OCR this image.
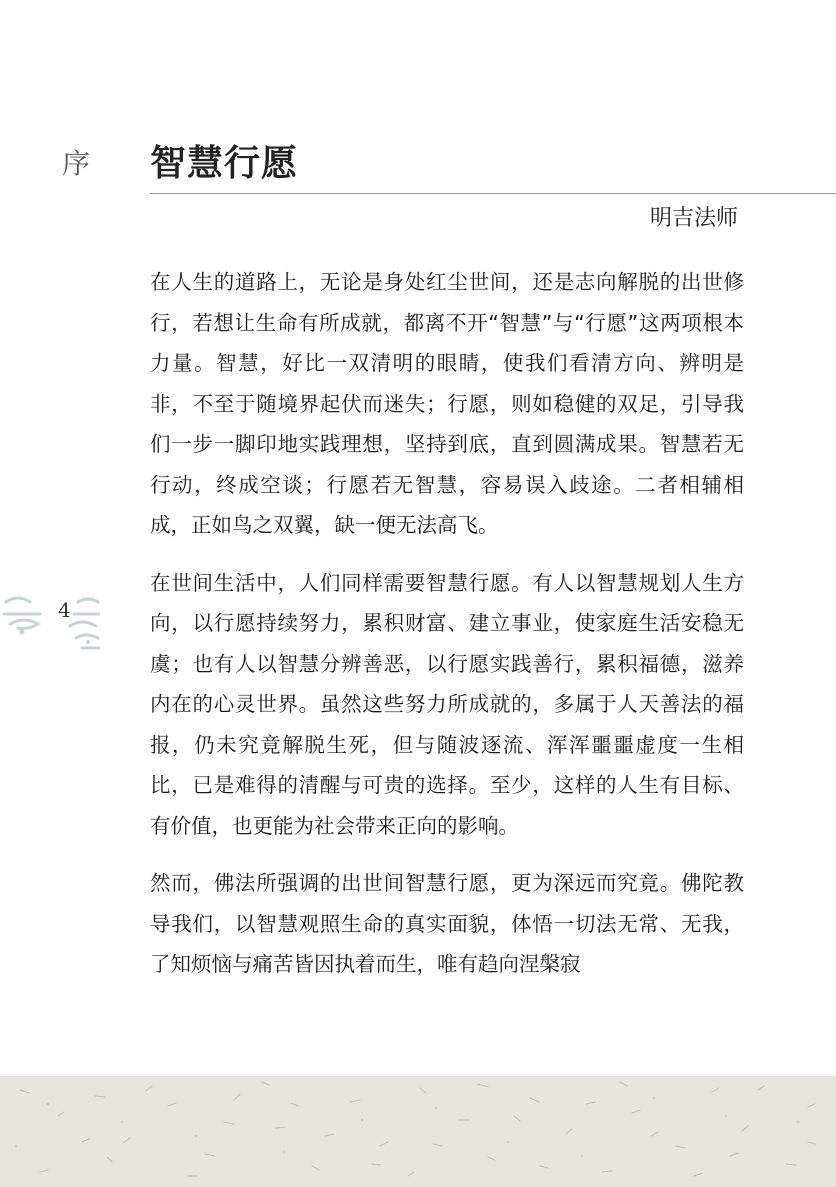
序 智慧行愿
明吉法师
4

在人生的道路上，无论是身处红尘世间，还是志向解脱的出世修行，若想让生命有所成就，都离不开“智慧”与“行愿”这两项根本力量。智慧，好比一双清明的眼睛，使我们看清方向、辨明是非，不至于随境界起伏而迷失；行愿，则如稳健的双足，引导我们一步一脚印地实践理想，坚持到底，直到圆满成果。智慧若无行动，终成空谈；行愿若无智慧，容易误入歧途。二者相辅相成，正如鸟之双翼，缺一便无法高飞。

在世间生活中，人们同样需要智慧行愿。有人以智慧规划人生方向，以行愿持续努力，累积财富、建立事业，使家庭生活安稳无虞；也有人以智慧分辨善恶，以行愿实践善行，累积福德，滋养内在的心灵世界。虽然这些努力所成就的，多属于人天善法的福报，仍未究竟解脱生死，但与随波逐流、浑浑噩噩虚度一生相比，已是难得的清醒与可贵的选择。至少，这样的人生有目标、有价值，也更能为社会带来正向的影响。

然而，佛法所强调的出世间智慧行愿，更为深远而究竟。佛陀教导我们，以智慧观照生命的真实面貌，体悟一切法无常、无我，了知烦恼与痛苦皆因执着而生，唯有趋向涅槃寂
